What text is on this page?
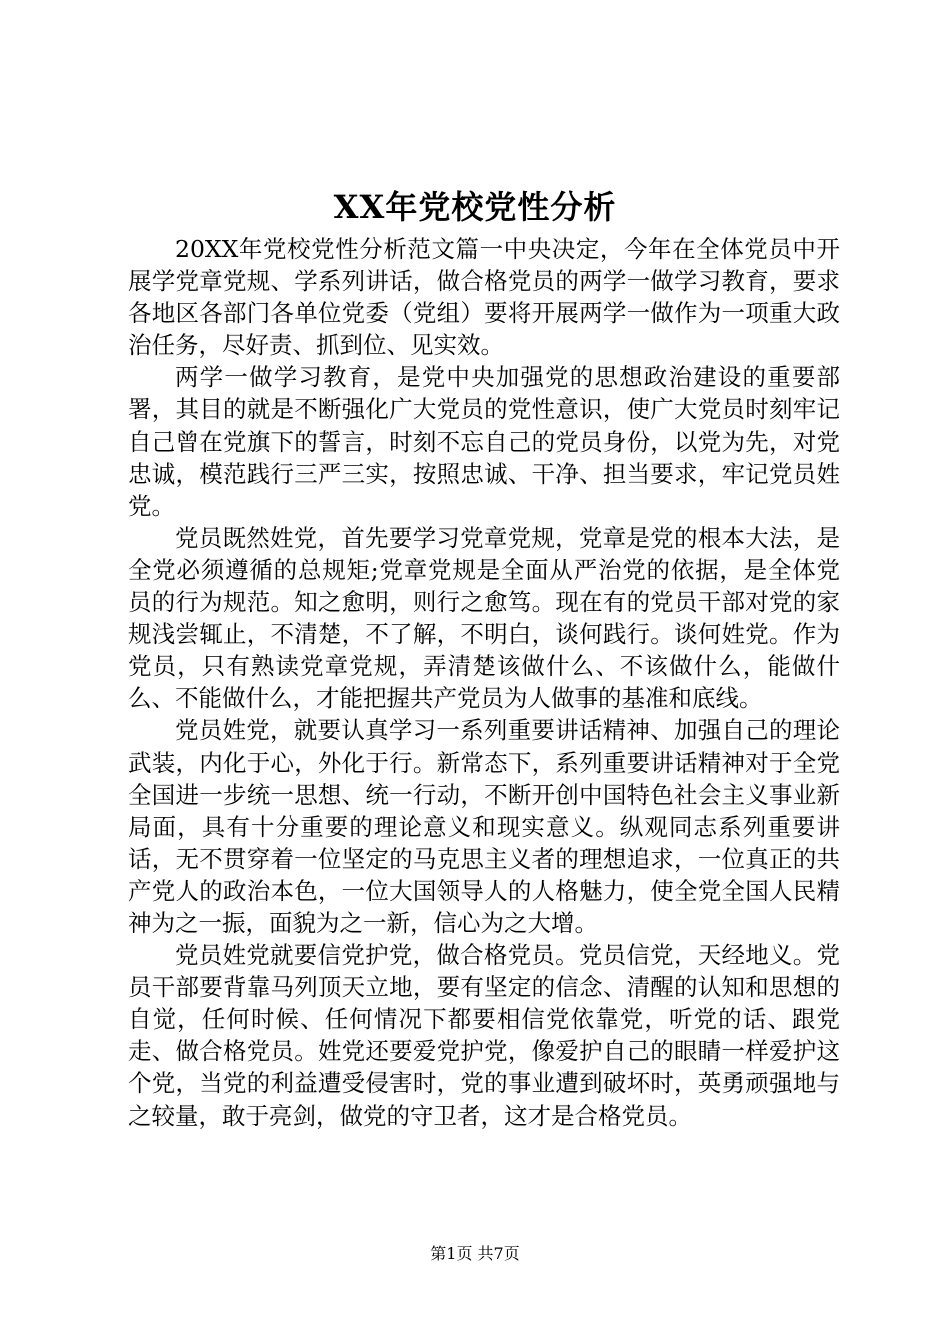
XX年党校党性分析

20XX年党校党性分析范文篇一中央决定，今年在全体党员中开展学党章党规、学系列讲话，做合格党员的两学一做学习教育，要求各地区各部门各单位党委（党组）要将开展两学一做作为一项重大政治任务，尽好责、抓到位、见实效。

两学一做学习教育，是党中央加强党的思想政治建设的重要部署，其目的就是不断强化广大党员的党性意识，使广大党员时刻牢记自己曾在党旗下的誓言，时刻不忘自己的党员身份，以党为先，对党忠诚，模范践行三严三实，按照忠诚、干净、担当要求，牢记党员姓党。

党员既然姓党，首先要学习党章党规，党章是党的根本大法，是全党必须遵循的总规矩;党章党规是全面从严治党的依据，是全体党员的行为规范。知之愈明，则行之愈笃。现在有的党员干部对党的家规浅尝辄止，不清楚，不了解，不明白，谈何践行。谈何姓党。作为党员，只有熟读党章党规，弄清楚该做什么、不该做什么，能做什么、不能做什么，才能把握共产党员为人做事的基准和底线。

党员姓党，就要认真学习一系列重要讲话精神、加强自己的理论武装，内化于心，外化于行。新常态下，系列重要讲话精神对于全党全国进一步统一思想、统一行动，不断开创中国特色社会主义事业新局面，具有十分重要的理论意义和现实意义。纵观同志系列重要讲话，无不贯穿着一位坚定的马克思主义者的理想追求，一位真正的共产党人的政治本色，一位大国领导人的人格魅力，使全党全国人民精神为之一振，面貌为之一新，信心为之大增。

党员姓党就要信党护党，做合格党员。党员信党，天经地义。党员干部要背靠马列顶天立地，要有坚定的信念、清醒的认知和思想的自觉，任何时候、任何情况下都要相信党依靠党，听党的话、跟党走、做合格党员。姓党还要爱党护党，像爱护自己的眼睛一样爱护这个党，当党的利益遭受侵害时，党的事业遭到破坏时，英勇顽强地与之较量，敢于亮剑，做党的守卫者，这才是合格党员。

第1页 共7页
